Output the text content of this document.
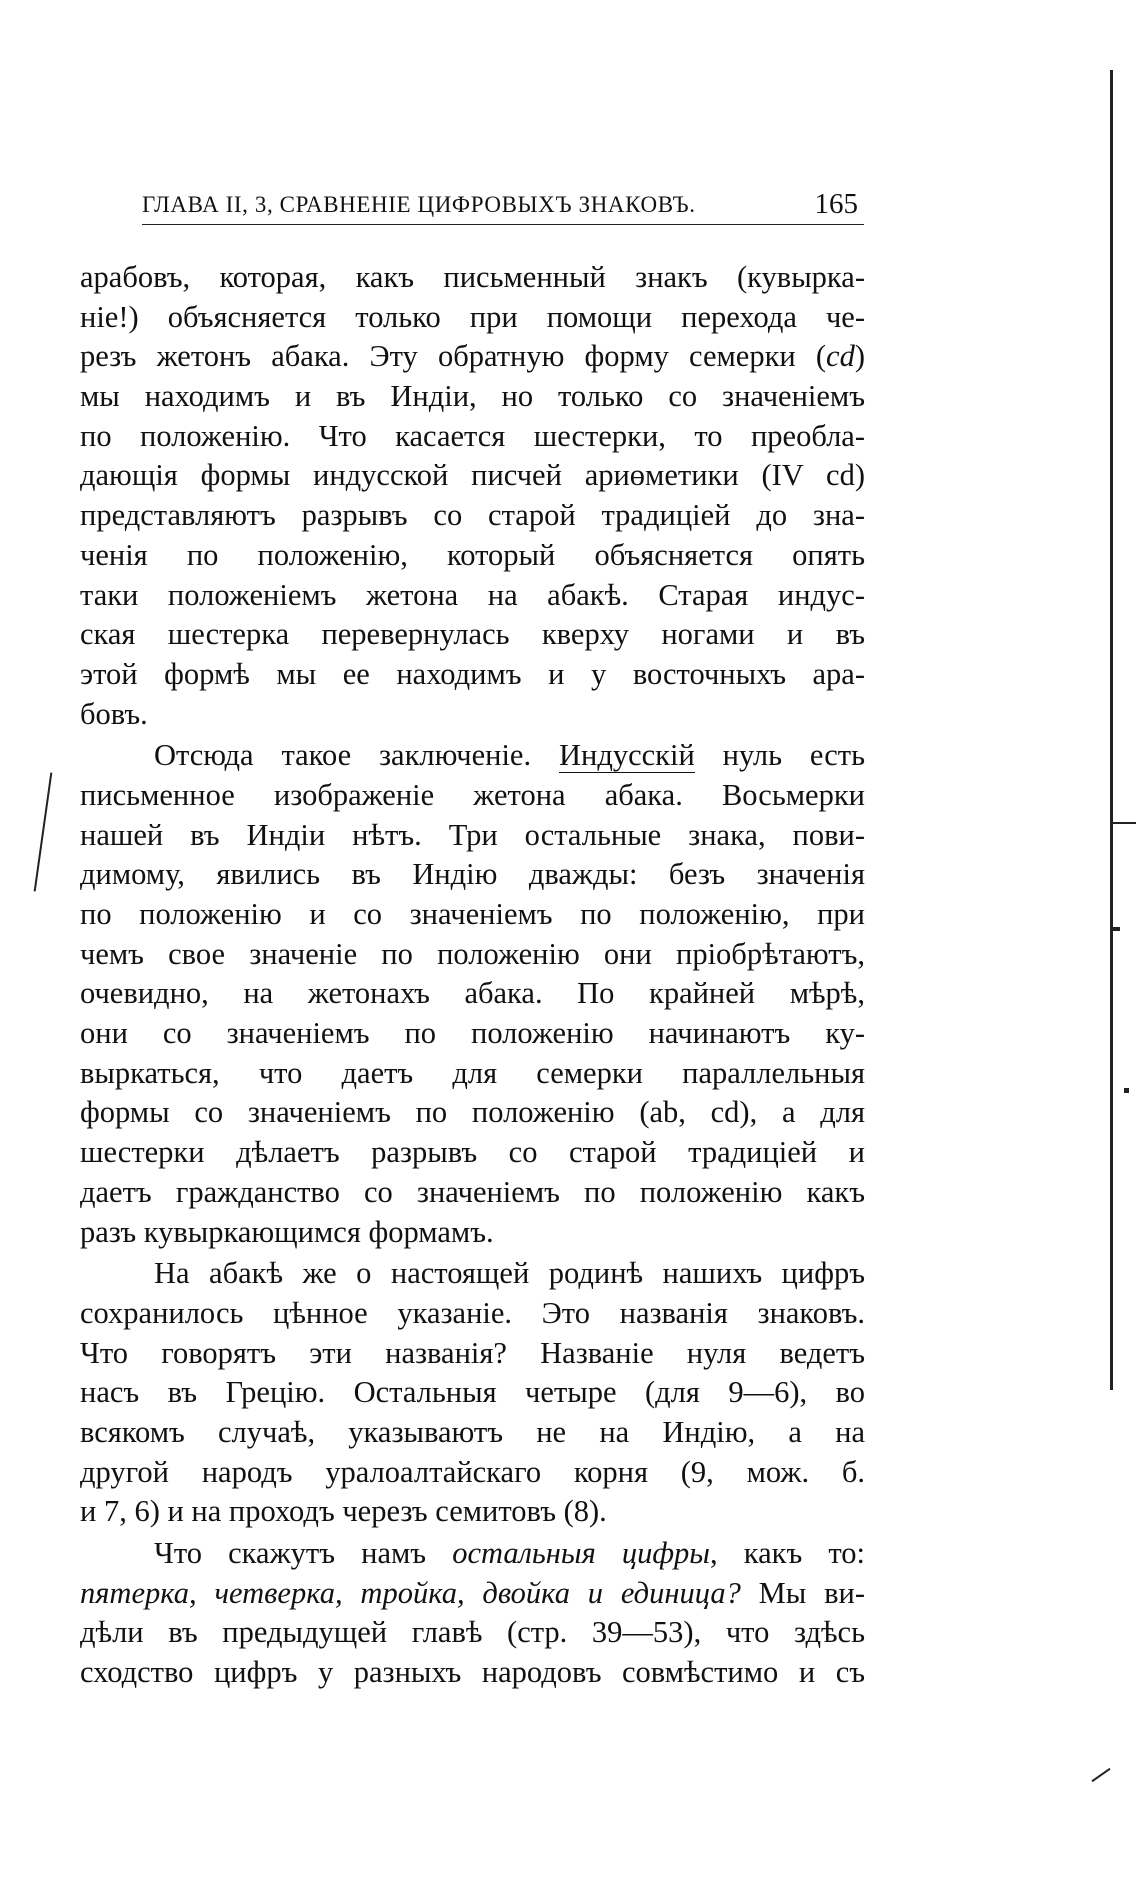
ГЛАВА II, 3, СРАВНЕНІЕ ЦИФРОВЫХЪ ЗНАКОВЪ.	165
арабовъ, которая, какъ письменный знакъ (кувырка-
ніе!) объясняется только при помощи перехода че-
резъ жетонъ абака. Эту обратную форму семерки (cd)
мы находимъ и въ Индіи, но только со значеніемъ
по положенію. Что касается шестерки, то преобла-
дающія формы индусской писчей ариөметики (IV cd)
представляютъ разрывъ со старой традиціей до зна-
ченія по положенію, который объясняется опять
таки положеніемъ жетона на абакѣ. Старая индус-
ская шестерка перевернулась кверху ногами и въ
этой формѣ мы ее находимъ и у восточныхъ ара-
бовъ.
Отсюда такое заключеніе. Индусскій нуль есть
письменное изображеніе жетона абака. Восьмерки
нашей въ Индіи нѣтъ. Три остальные знака, пови-
димому, явились въ Индію дважды: безъ значенія
по положенію и со значеніемъ по положенію, при
чемъ свое значеніе по положенію они пріобрѣтаютъ,
очевидно, на жетонахъ абака. По крайней мѣрѣ,
они со значеніемъ по положенію начинаютъ ку-
выркаться, что даетъ для семерки параллельныя
формы со значеніемъ по положенію (ab, cd), а для
шестерки дѣлаетъ разрывъ со старой традиціей и
даетъ гражданство со значеніемъ по положенію какъ
разъ кувыркающимся формамъ.
На абакѣ же о настоящей родинѣ нашихъ цифръ
сохранилось цѣнное указаніе. Это названія знаковъ.
Что говорятъ эти названія? Названіе нуля ведетъ
насъ въ Грецію. Остальныя четыре (для 9—6), во
всякомъ случаѣ, указываютъ не на Индію, а на
другой народъ уралоалтайскаго корня (9, мож. б.
и 7, 6) и на проходъ черезъ семитовъ (8).
Что скажутъ намъ остальныя цифры, какъ то:
пятерка, четверка, тройка, двойка и единица? Мы ви-
дѣли въ предыдущей главѣ (стр. 39—53), что здѣсь
сходство цифръ у разныхъ народовъ совмѣстимо и съ
